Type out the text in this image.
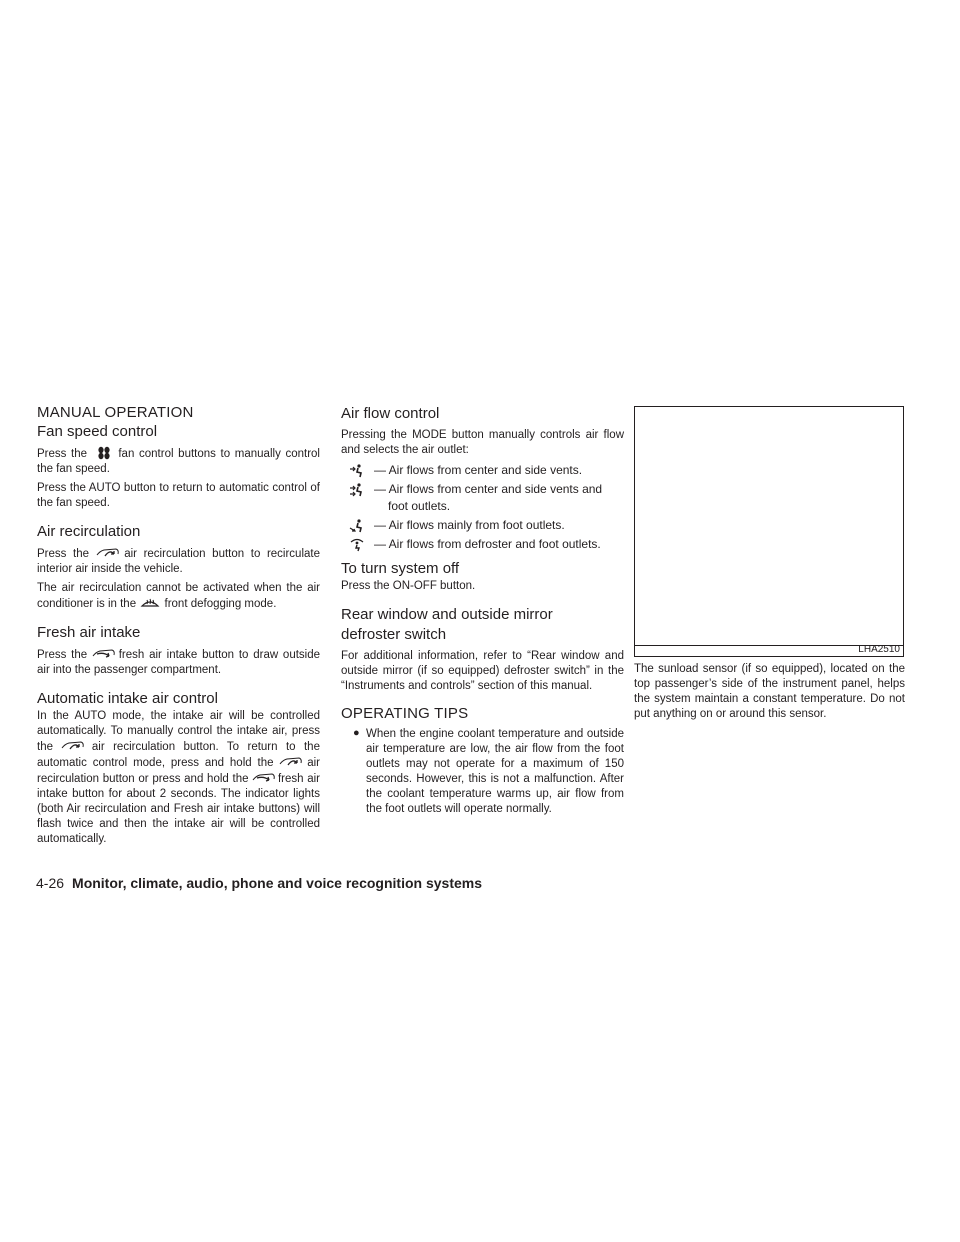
MANUAL OPERATION
Fan speed control

Press the	fan control buttons to manually control the fan speed.

Press the AUTO button to return to automatic control of the fan speed.

Air recirculation

Press the	air recirculation button to recirculate interior air inside the vehicle.

The air recirculation cannot be activated when the air conditioner is in the front defogging mode.

Fresh air intake

Press the	fresh air intake button to draw outside air into the passenger compartment.

Automatic intake air control

In the AUTO mode, the intake air will be controlled automatically. To manually control the intake air, press the	air recirculation button. To return to the automatic control mode, press and hold the	air recirculation button or press and hold the	fresh air intake button for about 2 seconds. The indicator lights (both Air recirculation and Fresh air intake buttons) will flash twice and then the intake air will be controlled automatically.

Air flow control

Pressing the MODE button manually controls air flow and selects the air outlet:

— Air flows from center and side vents.
— Air flows from center and side vents and foot outlets.
— Air flows mainly from foot outlets.
— Air flows from defroster and foot outlets.
To turn system off

Press the ON-OFF button.

Rear window and outside mirror defroster switch

For additional information, refer to “Rear window and outside mirror (if so equipped) defroster switch” in the “Instruments and controls” section of this manual.

OPERATING TIPS
● When the engine coolant temperature and outside air temperature are low, the air flow from the foot outlets may not operate for a maximum of 150 seconds. However, this is not a malfunction. After the coolant temperature warms up, air flow from the foot outlets will operate normally.

LHA2510

The sunload sensor (if so equipped), located on the top passenger’s side of the instrument panel, helps the system maintain a constant temperature. Do not put anything on or around this sensor.

4-26 Monitor, climate, audio, phone and voice recognition systems
